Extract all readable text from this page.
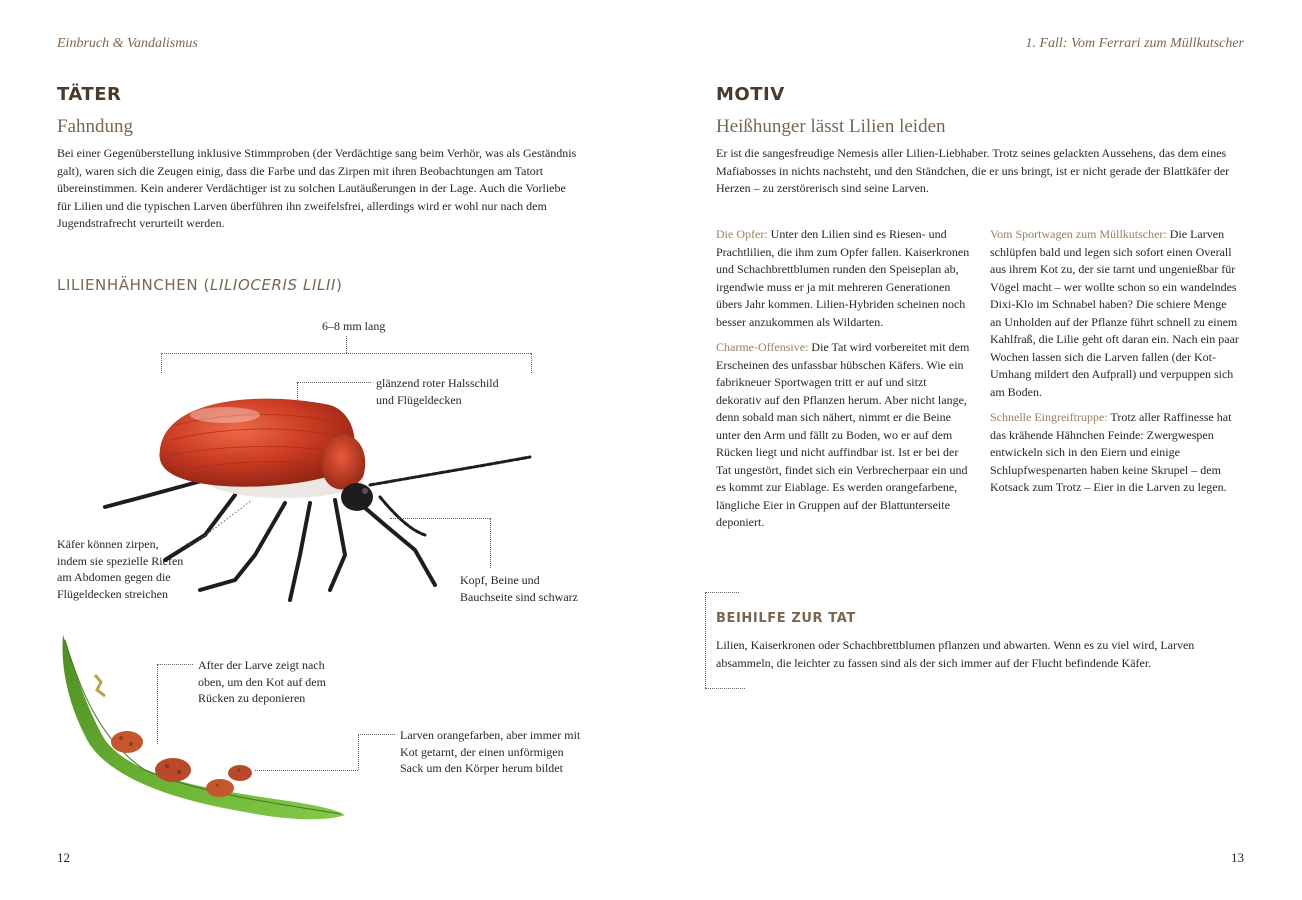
Einbruch & Vandalismus
TÄTER
Fahndung
Bei einer Gegenüberstellung inklusive Stimmproben (der Verdächtige sang beim Verhör, was als Geständnis galt), waren sich die Zeugen einig, dass die Farbe und das Zirpen mit ihren Beobachtungen am Tatort übereinstimmen. Kein anderer Verdächtiger ist zu solchen Lautäußerungen in der Lage. Auch die Vorliebe für Lilien und die typischen Larven überführen ihn zweifelsfrei, allerdings wird er wohl nur nach dem Jugendstrafrecht verurteilt werden.
LILIENHÄHNCHEN (LILIOCERIS LILII)
6–8 mm lang
glänzend roter Halsschild und Flügeldecken
Käfer können zirpen, indem sie spezielle Riefen am Abdomen gegen die Flügeldecken streichen
Kopf, Beine und Bauchseite sind schwarz
After der Larve zeigt nach oben, um den Kot auf dem Rücken zu deponieren
Larven orangefarben, aber immer mit Kot getarnt, der einen unförmigen Sack um den Körper herum bildet
12
1. Fall: Vom Ferrari zum Müllkutscher
MOTIV
Heißhunger lässt Lilien leiden
Er ist die sangesfreudige Nemesis aller Lilien-Liebhaber. Trotz seines gelackten Aussehens, das dem eines Mafiabosses in nichts nachsteht, und den Ständchen, die er uns bringt, ist er nicht gerade der Blattkäfer der Herzen – zu zerstörerisch sind seine Larven.

Die Opfer: Unter den Lilien sind es Riesen- und Prachtlilien, die ihm zum Opfer fallen. Kaiserkronen und Schachbrettblumen runden den Speiseplan ab, irgendwie muss er ja mit mehreren Generationen übers Jahr kommen. Lilien-Hybriden scheinen noch besser anzukommen als Wildarten.

Charme-Offensive: Die Tat wird vorbereitet mit dem Erscheinen des unfassbar hübschen Käfers. Wie ein fabrikneuer Sportwagen tritt er auf und sitzt dekorativ auf den Pflanzen herum. Aber nicht lange, denn sobald man sich nähert, nimmt er die Beine unter den Arm und fällt zu Boden, wo er auf dem Rücken liegt und nicht auffindbar ist. Ist er bei der Tat ungestört, findet sich ein Verbrecherpaar ein und es kommt zur Eiablage. Es werden orangefarbene, längliche Eier in Gruppen auf der Blattunterseite deponiert.

Vom Sportwagen zum Müllkutscher: Die Larven schlüpfen bald und legen sich sofort einen Overall aus ihrem Kot zu, der sie tarnt und ungenießbar für Vögel macht – wer wollte schon so ein wandelndes Dixi-Klo im Schnabel haben? Die schiere Menge an Unholden auf der Pflanze führt schnell zu einem Kahlfraß, die Lilie geht oft daran ein. Nach ein paar Wochen lassen sich die Larven fallen (der Kot-Umhang mildert den Aufprall) und verpuppen sich am Boden.

Schnelle Eingreiftruppe: Trotz aller Raffinesse hat das krähende Hähnchen Feinde: Zwergwespen entwickeln sich in den Eiern und einige Schlupfwespenarten haben keine Skrupel – dem Kotsack zum Trotz – Eier in die Larven zu legen.

BEIHILFE ZUR TAT
Lilien, Kaiserkronen oder Schachbrettblumen pflanzen und abwarten. Wenn es zu viel wird, Larven absammeln, die leichter zu fassen sind als der sich immer auf der Flucht befindende Käfer.
13
